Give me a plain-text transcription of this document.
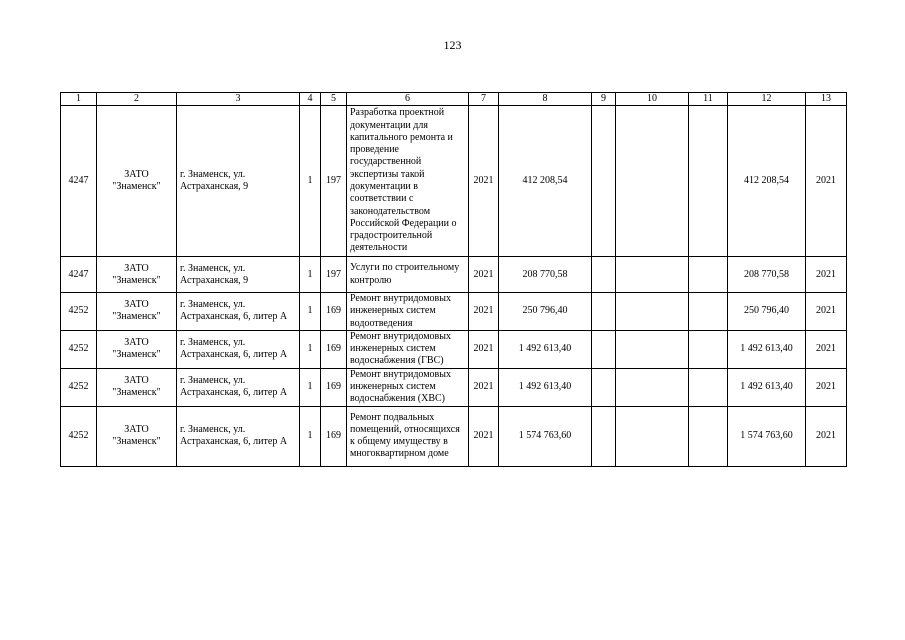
123
1	2	3	4	5	6	7	8	9	10	11	12	13
4247	ЗАТО "Знаменск"	г. Знаменск, ул. Астраханская, 9	1	197	Разработка проектной документации для капитального ремонта и проведение государственной экспертизы такой документации в соответствии с законодательством Российской Федерации о градостроительной деятельности	2021	412 208,54				412 208,54	2021
4247	ЗАТО "Знаменск"	г. Знаменск, ул. Астраханская, 9	1	197	Услуги по строительному контролю	2021	208 770,58				208 770,58	2021
4252	ЗАТО "Знаменск"	г. Знаменск, ул. Астраханская, 6, литер А	1	169	Ремонт внутридомовых инженерных систем водоотведения	2021	250 796,40				250 796,40	2021
4252	ЗАТО "Знаменск"	г. Знаменск, ул. Астраханская, 6, литер А	1	169	Ремонт внутридомовых инженерных систем водоснабжения (ГВС)	2021	1 492 613,40				1 492 613,40	2021
4252	ЗАТО "Знаменск"	г. Знаменск, ул. Астраханская, 6, литер А	1	169	Ремонт внутридомовых инженерных систем водоснабжения (ХВС)	2021	1 492 613,40				1 492 613,40	2021
4252	ЗАТО "Знаменск"	г. Знаменск, ул. Астраханская, 6, литер А	1	169	Ремонт подвальных помещений, относящихся к общему имуществу в многоквартирном доме	2021	1 574 763,60				1 574 763,60	2021
